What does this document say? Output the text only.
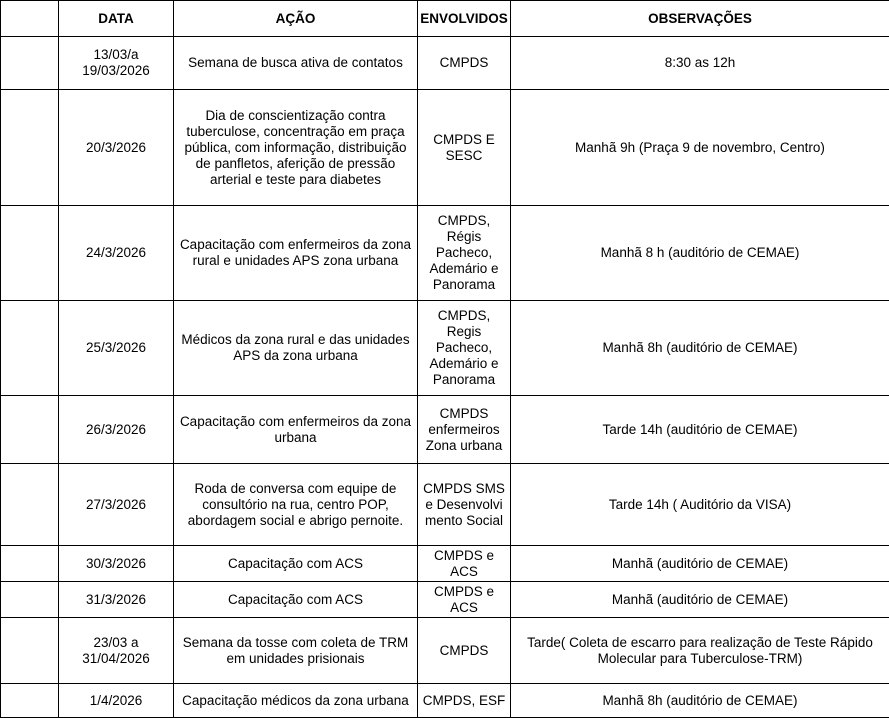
	DATA	AÇÃO	ENVOLVIDOS	OBSERVAÇÕES
	13/03/a 19/03/2026	Semana de busca ativa de contatos	CMPDS	8:30 as 12h
	20/3/2026	Dia de conscientização contra tuberculose, concentração em praça pública, com informação, distribuição de panfletos, aferição de pressão arterial e teste para diabetes	CMPDS E SESC	Manhã 9h (Praça 9 de novembro, Centro)
	24/3/2026	Capacitação com enfermeiros da zona rural e unidades APS zona urbana	CMPDS, Régis Pacheco, Ademário e Panorama	Manhã 8 h (auditório de CEMAE)
	25/3/2026	Médicos da zona rural e das unidades APS da zona urbana	CMPDS, Regis Pacheco, Ademário e Panorama	Manhã 8h (auditório de CEMAE)
	26/3/2026	Capacitação com enfermeiros da zona urbana	CMPDS enfermeiros Zona urbana	Tarde 14h (auditório de CEMAE)
	27/3/2026	Roda de conversa com equipe de consultório na rua, centro POP, abordagem social e abrigo pernoite.	CMPDS SMS e Desenvolvimento Social	Tarde 14h ( Auditório da VISA)
	30/3/2026	Capacitação com ACS	CMPDS e ACS	Manhã (auditório de CEMAE)
	31/3/2026	Capacitação com ACS	CMPDS e ACS	Manhã (auditório de CEMAE)
	23/03 a 31/04/2026	Semana da tosse com coleta de TRM em unidades prisionais	CMPDS	Tarde( Coleta de escarro para realização de Teste Rápido Molecular para Tuberculose-TRM)
	1/4/2026	Capacitação médicos da zona urbana	CMPDS, ESF	Manhã 8h (auditório de CEMAE)
